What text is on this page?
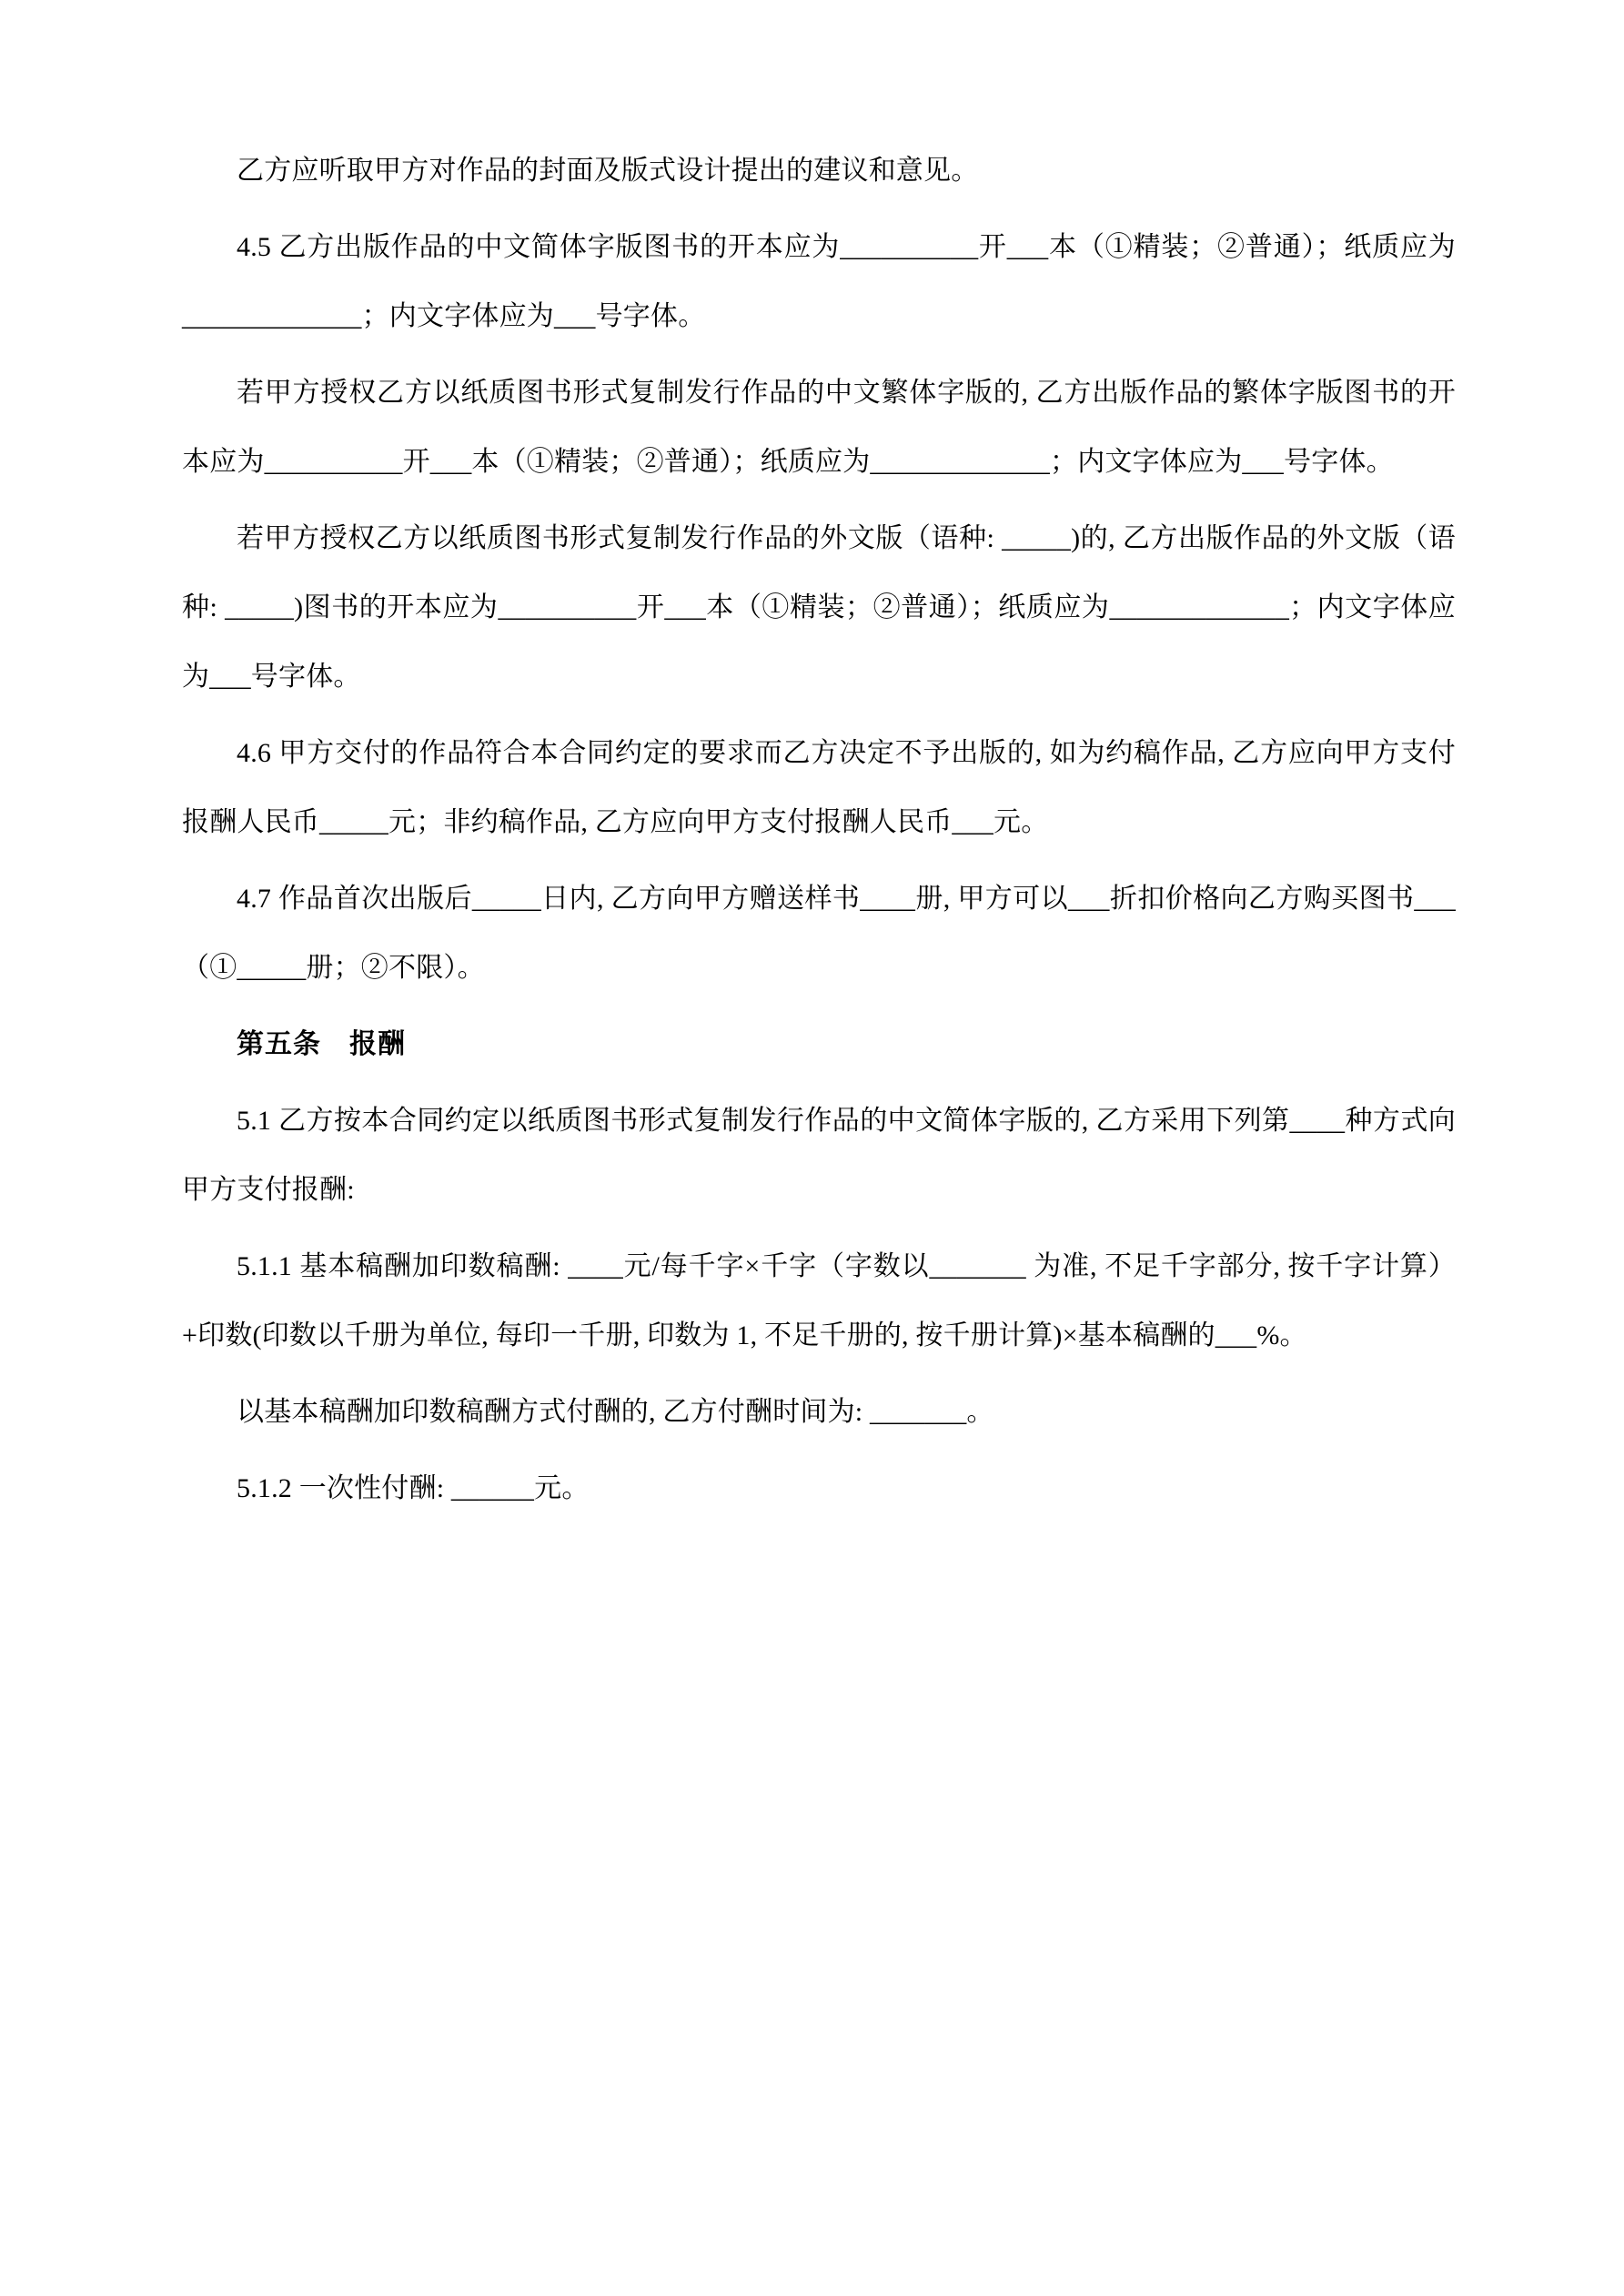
乙方应听取甲方对作品的封面及版式设计提出的建议和意见。

4.5 乙方出版作品的中文简体字版图书的开本应为__________开___本（①精装；②普通）；纸质应为_____________；内文字体应为___号字体。

若甲方授权乙方以纸质图书形式复制发行作品的中文繁体字版的, 乙方出版作品的繁体字版图书的开本应为__________开___本（①精装；②普通）；纸质应为_____________；内文字体应为___号字体。

若甲方授权乙方以纸质图书形式复制发行作品的外文版（语种: _____)的, 乙方出版作品的外文版（语种: _____)图书的开本应为__________开___本（①精装；②普通）；纸质应为_____________；内文字体应为___号字体。

4.6 甲方交付的作品符合本合同约定的要求而乙方决定不予出版的, 如为约稿作品, 乙方应向甲方支付报酬人民币_____元；非约稿作品, 乙方应向甲方支付报酬人民币___元。

4.7 作品首次出版后_____日内, 乙方向甲方赠送样书____册, 甲方可以___折扣价格向乙方购买图书___（①_____册；②不限）。

第五条　报酬

5.1 乙方按本合同约定以纸质图书形式复制发行作品的中文简体字版的, 乙方采用下列第____种方式向甲方支付报酬:

5.1.1 基本稿酬加印数稿酬: ____元/每千字×千字（字数以_______ 为准, 不足千字部分, 按千字计算）+印数(印数以千册为单位, 每印一千册, 印数为 1, 不足千册的, 按千册计算)×基本稿酬的___%。

以基本稿酬加印数稿酬方式付酬的, 乙方付酬时间为: _______。

5.1.2 一次性付酬: ______元。
